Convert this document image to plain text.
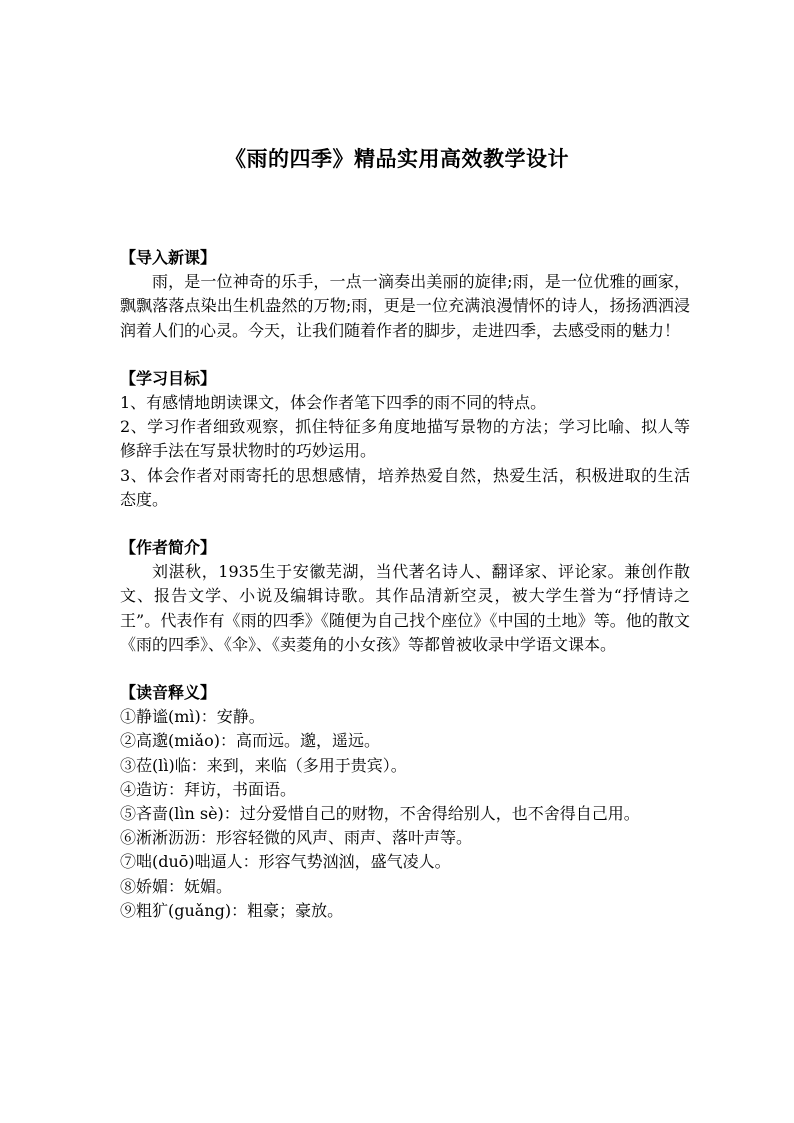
《雨的四季》精品实用高效教学设计
【导入新课】

雨，是一位神奇的乐手，一点一滴奏出美丽的旋律;雨，是一位优雅的画家，飘飘落落点染出生机盎然的万物;雨，更是一位充满浪漫情怀的诗人，扬扬洒洒浸润着人们的心灵。今天，让我们随着作者的脚步，走进四季，去感受雨的魅力！

【学习目标】

1、有感情地朗读课文，体会作者笔下四季的雨不同的特点。

2、学习作者细致观察，抓住特征多角度地描写景物的方法；学习比喻、拟人等修辞手法在写景状物时的巧妙运用。

3、体会作者对雨寄托的思想感情，培养热爱自然，热爱生活，积极进取的生活态度。

【作者简介】

刘湛秋，1935生于安徽芜湖，当代著名诗人、翻译家、评论家。兼创作散文、报告文学、小说及编辑诗歌。其作品清新空灵，被大学生誉为“抒情诗之王”。代表作有《雨的四季》《随便为自己找个座位》《中国的土地》等。他的散文《雨的四季》、《伞》、《卖菱角的小女孩》等都曾被收录中学语文课本。

【读音释义】

①静谧(mì)：安静。

②高邈(miǎo)：高而远。邈，遥远。

③莅(lì)临：来到，来临（多用于贵宾）。

④造访：拜访，书面语。

⑤吝啬(lìn sè)：过分爱惜自己的财物，不舍得给别人，也不舍得自己用。

⑥淅淅沥沥：形容轻微的风声、雨声、落叶声等。

⑦咄(duō)咄逼人：形容气势汹汹，盛气凌人。

⑧娇媚：妩媚。

⑨粗犷(guǎng)：粗豪；豪放。
